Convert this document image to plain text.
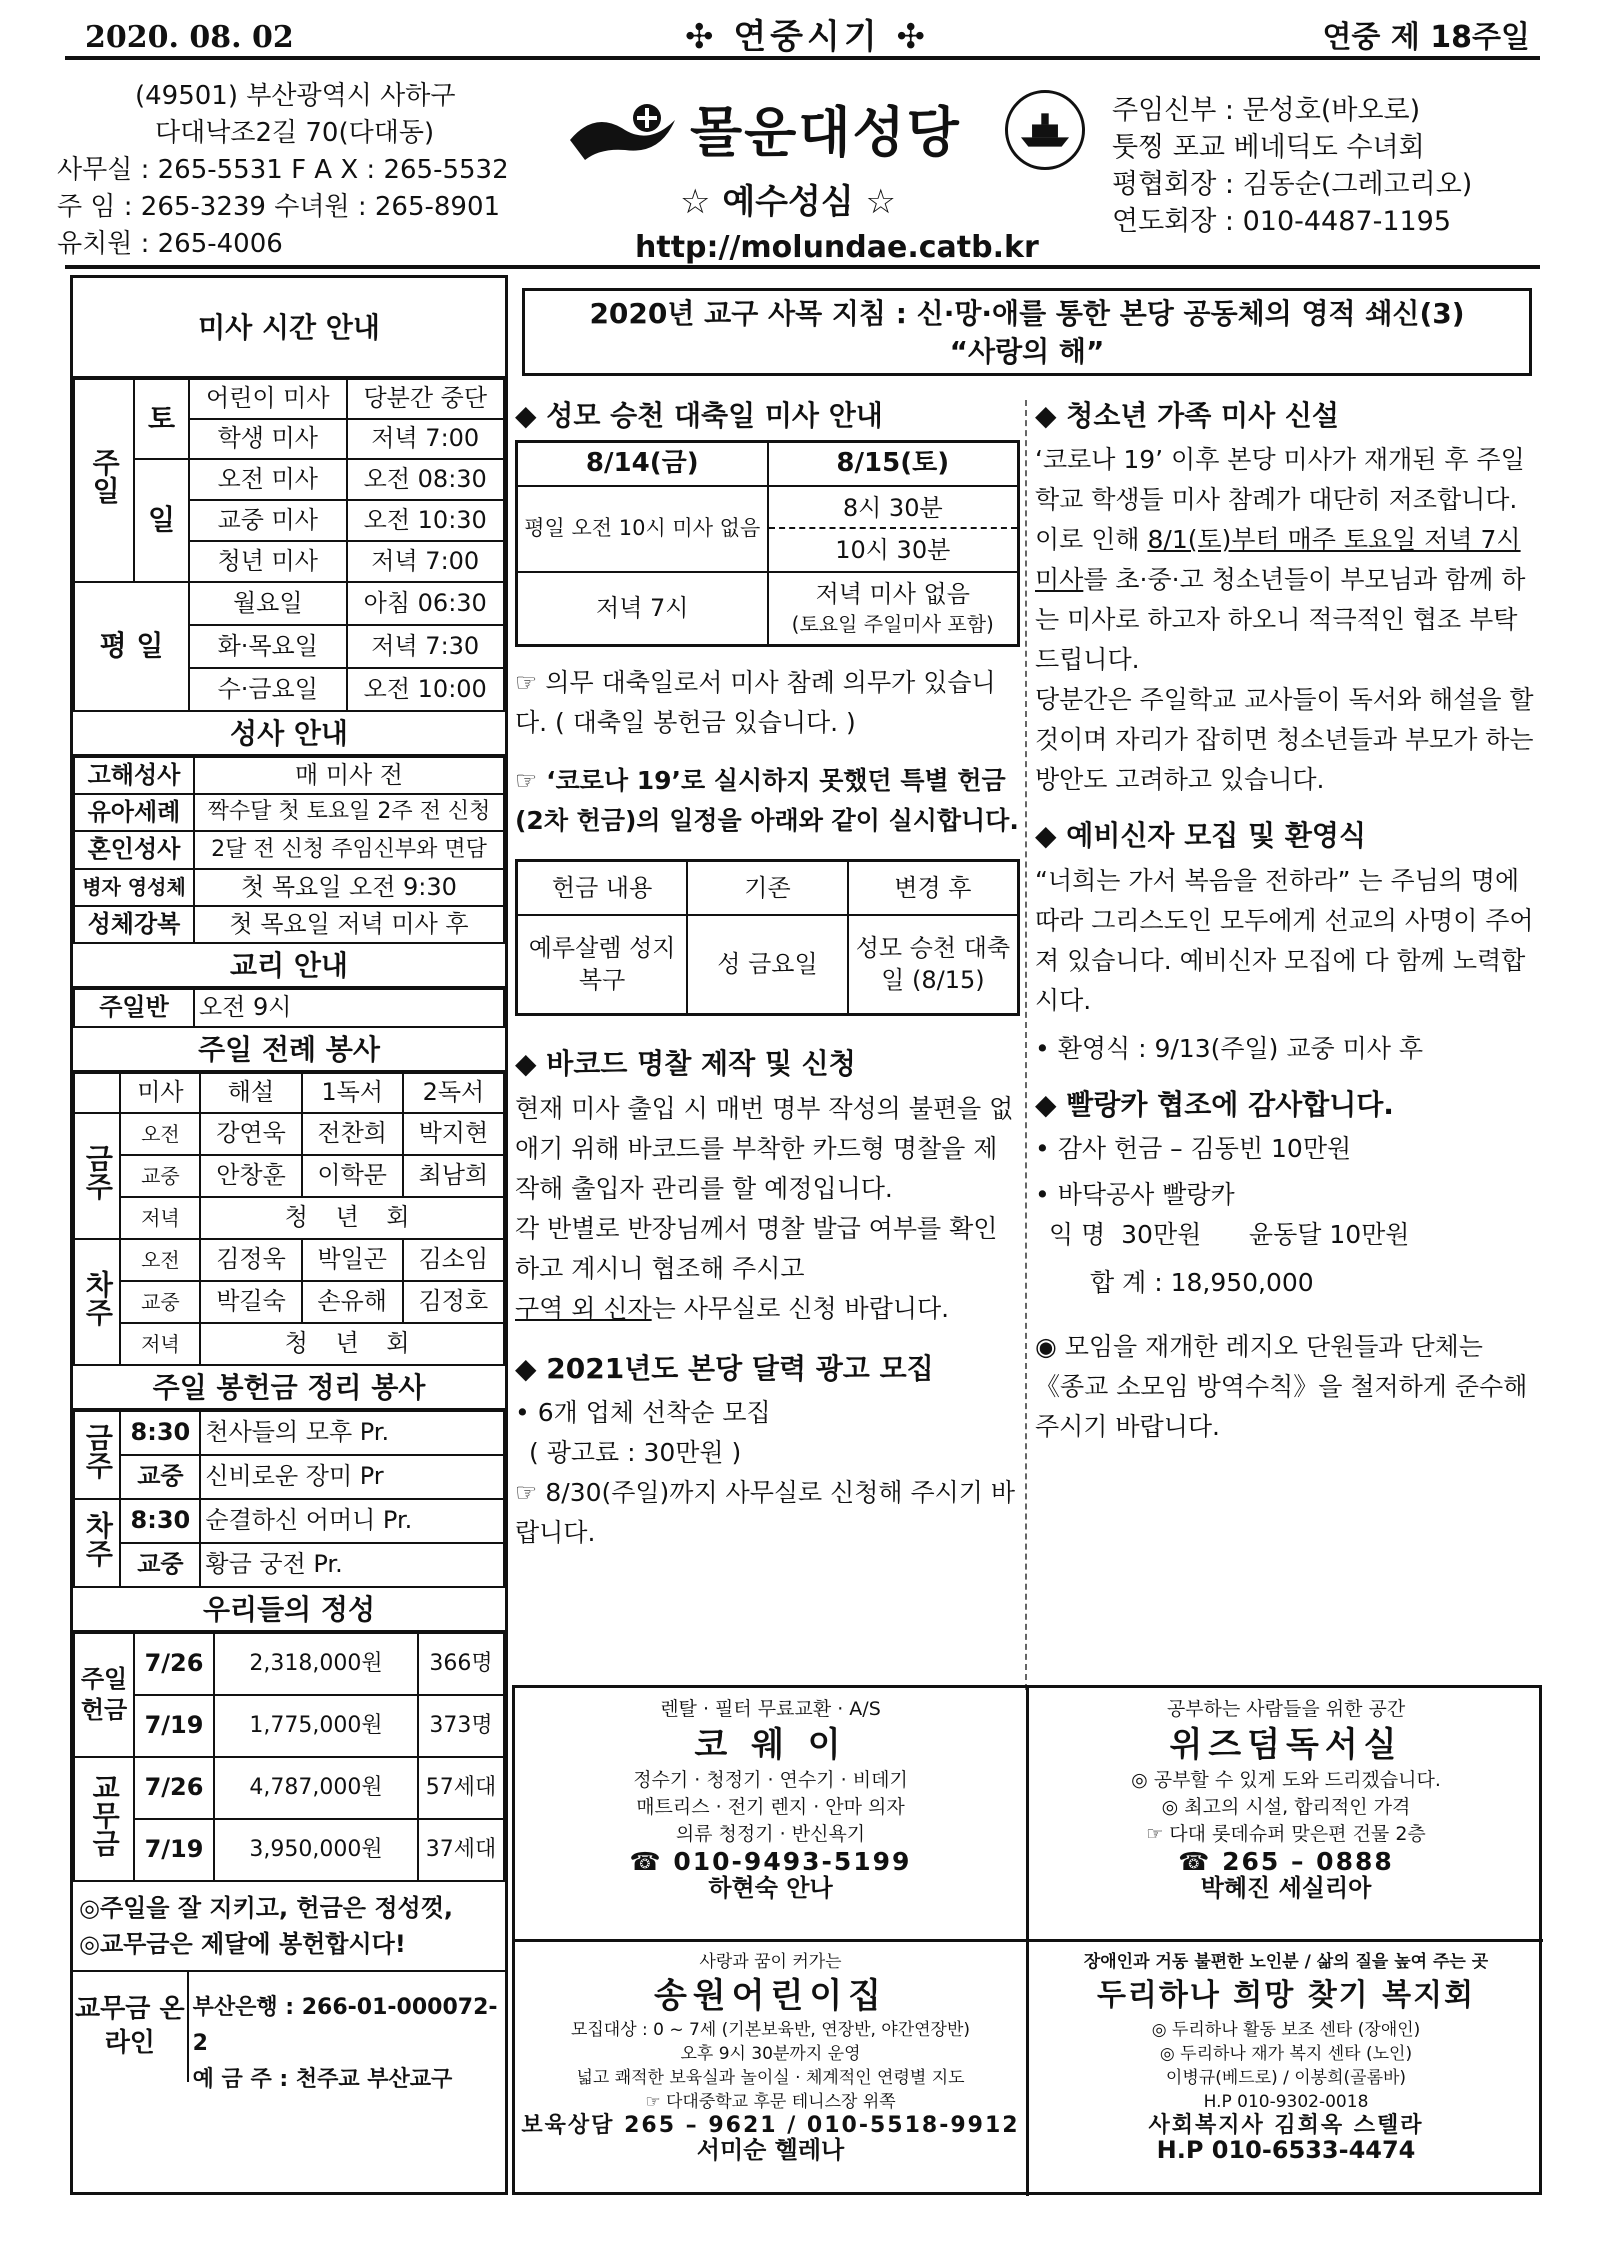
2020. 08. 02	✣ 연중시기 ✣	연중 제 18주일
(49501) 부산광역시 사하구
다대낙조2길 70(다대동)
사무실 : 265-5531 F A X : 265-5532
주 임 : 265-3239 수녀원 : 265-8901
유치원 : 265-4006
몰운대성당
☆ 예수성심 ☆
http://molundae.catb.kr
주임신부 : 문성호(바오로)
툿찡 포교 베네딕도 수녀회
평협회장 : 김동순(그레고리오)
연도회장 : 010-4487-1195
미사 시간 안내
주일	토	어린이 미사	당분간 중단
		학생 미사	저녁 7:00
	일	오전 미사	오전 08:30
		교중 미사	오전 10:30
		청년 미사	저녁 7:00
평 일		월요일	아침 06:30
		화·목요일	저녁 7:30
		수·금요일	오전 10:00
성사 안내
고해성사	매 미사 전
유아세례	짝수달 첫 토요일 2주 전 신청
혼인성사	2달 전 신청 주임신부와 면담
병자 영성체	첫 목요일 오전 9:30
성체강복	첫 목요일 저녁 미사 후
교리 안내
주일반	오전 9시
주일 전례 봉사
	미사	해설	1독서	2독서
금주	오전	강연욱	전찬희	박지현
	교중	안창훈	이학문	최남희
	저녁	청 년 회		
차주	오전	김정욱	박일곤	김소임
	교중	박길숙	손유해	김정호
	저녁	청 년 회		
주일 봉헌금 정리 봉사
금주	8:30	천사들의 모후 Pr.
	교중	신비로운 장미 Pr
차주	8:30	순결하신 어머니 Pr.
	교중	황금 궁전 Pr.
우리들의 정성
주일헌금	7/26	2,318,000원	366명
	7/19	1,775,000원	373명
교무금	7/26	4,787,000원	57세대
	7/19	3,950,000원	37세대
◎주일을 잘 지키고, 헌금은 정성껏,
◎교무금은 제달에 봉헌합시다!
교무금 온라인
부산은행 : 266-01-000072-2
예 금 주 : 천주교 부산교구
2020년 교구 사목 지침 : 신·망·애를 통한 본당 공동체의 영적 쇄신(3)
“사랑의 해”
◆ 성모 승천 대축일 미사 안내
8/14(금)	8/15(토)
평일 오전 10시 미사 없음	8시 30분
10시 30분

저녁 7시	저녁 미사 없음
(토요일 주일미사 포함)
☞ 의무 대축일로서 미사 참례 의무가 있습니다. ( 대축일 봉헌금 있습니다. )
☞ ‘코로나 19’로 실시하지 못했던 특별 헌금 (2차 헌금)의 일정을 아래와 같이 실시합니다.
헌금 내용	기존	변경 후
예루살렘 성지 복구	성 금요일	성모 승천 대축일 (8/15)
◆ 바코드 명찰 제작 및 신청
현재 미사 출입 시 매번 명부 작성의 불편을 없애기 위해 바코드를 부착한 카드형 명찰을 제작해 출입자 관리를 할 예정입니다.
각 반별로 반장님께서 명찰 발급 여부를 확인하고 계시니 협조해 주시고
구역 외 신자는 사무실로 신청 바랍니다.
◆ 2021년도 본당 달력 광고 모집
• 6개 업체 선착순 모집
( 광고료 : 30만원 )
☞ 8/30(주일)까지 사무실로 신청해 주시기 바랍니다.
◆ 청소년 가족 미사 신설
‘코로나 19’ 이후 본당 미사가 재개된 후 주일학교 학생들 미사 참례가 대단히 저조합니다.
이로 인해 8/1(토)부터 매주 토요일 저녁 7시 미사를 초·중·고 청소년들이 부모님과 함께 하는 미사로 하고자 하오니 적극적인 협조 부탁드립니다.
당분간은 주일학교 교사들이 독서와 해설을 할 것이며 자리가 잡히면 청소년들과 부모가 하는 방안도 고려하고 있습니다.
◆ 예비신자 모집 및 환영식
“너희는 가서 복음을 전하라” 는 주님의 명에 따라 그리스도인 모두에게 선교의 사명이 주어져 있습니다. 예비신자 모집에 다 함께 노력합시다.
• 환영식 : 9/13(주일) 교중 미사 후
◆ 빨랑카 협조에 감사합니다.
• 감사 헌금 – 김동빈 10만원
• 바닥공사 빨랑카
익 명  30만원      윤동달 10만원
합 계 : 18,950,000
◉ 모임을 재개한 레지오 단원들과 단체는 《종교 소모임 방역수칙》을 철저하게 준수해 주시기 바랍니다.
렌탈 · 필터 무료교환 · A/S
코 웨 이
정수기 · 청정기 · 연수기 · 비데기
매트리스 · 전기 렌지 · 안마 의자
의류 청정기 · 반신욕기
☎ 010-9493-5199
하현숙 안나
공부하는 사람들을 위한 공간
위즈덤독서실
◎ 공부할 수 있게 도와 드리겠습니다.
◎ 최고의 시설, 합리적인 가격
☞ 다대 롯데슈퍼 맞은편 건물 2층
☎ 265 – 0888
박혜진 세실리아
사랑과 꿈이 커가는
송원어린이집
모집대상 : 0 ~ 7세 (기본보육반, 연장반, 야간연장반)
오후 9시 30분까지 운영
넓고 쾌적한 보육실과 놀이실 · 체계적인 연령별 지도
☞ 다대중학교 후문 테니스장 위쪽
보육상담 265 – 9621 / 010-5518-9912
서미순 헬레나
장애인과 거동 불편한 노인분 / 삶의 질을 높여 주는 곳
두리하나 희망 찾기 복지회
◎ 두리하나 활동 보조 센타 (장애인)
◎ 두리하나 재가 복지 센타 (노인)
이병규(베드로) / 이봉희(골롬바)
H.P 010-9302-0018
사회복지사 김희옥 스텔라
H.P 010-6533-4474
